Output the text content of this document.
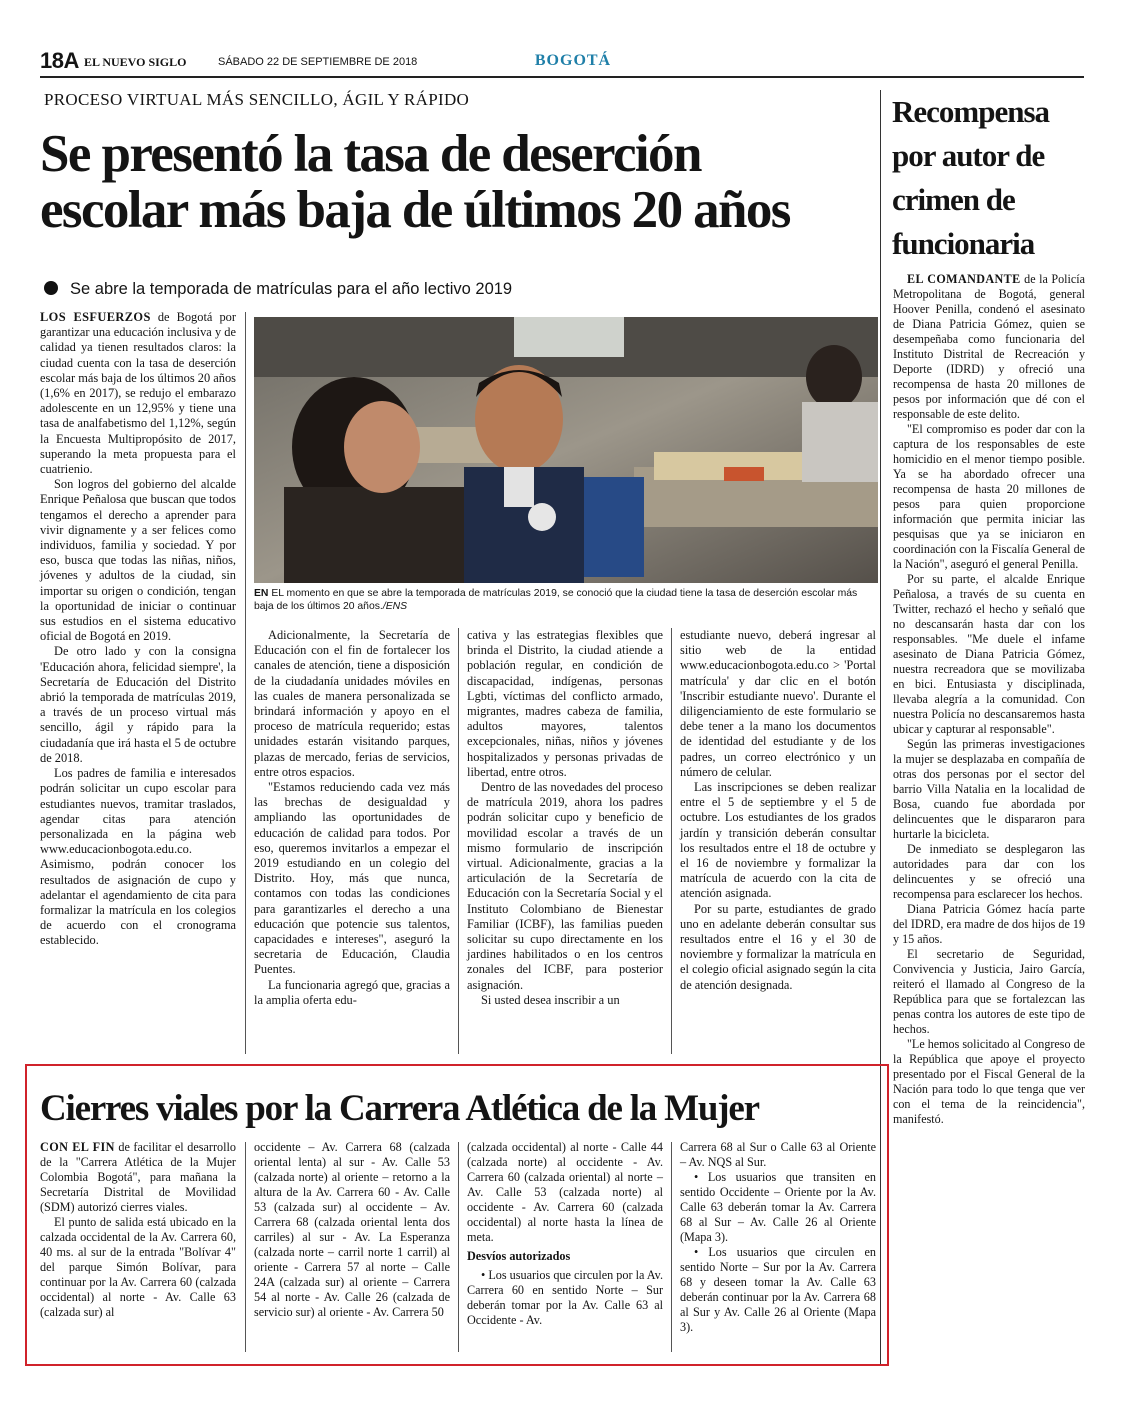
18A EL NUEVO SIGLO	SÁBADO 22 DE SEPTIEMBRE DE 2018	BOGOTÁ
PROCESO VIRTUAL MÁS SENCILLO, ÁGIL Y RÁPIDO
Se presentó la tasa de deserción
escolar más baja de últimos 20 años
Se abre la temporada de matrículas para el año lectivo 2019

LOS ESFUERZOS de Bogotá por garantizar una educación inclusiva y de calidad ya tienen resultados claros: la ciudad cuenta con la tasa de deserción escolar más baja de los últimos 20 años (1,6% en 2017), se redujo el embarazo adolescente en un 12,95% y tiene una tasa de analfabetismo del 1,12%, según la Encuesta Multipropósito de 2017, superando la meta propuesta para el cuatrienio.

Son logros del gobierno del alcalde Enrique Peñalosa que buscan que todos tengamos el derecho a aprender para vivir dignamente y a ser felices como individuos, familia y sociedad. Y por eso, busca que todas las niñas, niños, jóvenes y adultos de la ciudad, sin importar su origen o condición, tengan la oportunidad de iniciar o continuar sus estudios en el sistema educativo oficial de Bogotá en 2019.

De otro lado y con la consigna 'Educación ahora, felicidad siempre', la Secretaría de Educación del Distrito abrió la temporada de matrículas 2019, a través de un proceso virtual más sencillo, ágil y rápido para la ciudadanía que irá hasta el 5 de octubre de 2018.

Los padres de familia e interesados podrán solicitar un cupo escolar para estudiantes nuevos, tramitar traslados, agendar citas para atención personalizada en la página web www.educacionbogota.edu.co. Asimismo, podrán conocer los resultados de asignación de cupo y adelantar el agendamiento de cita para formalizar la matrícula en los colegios de acuerdo con el cronograma establecido.

EN EL momento en que se abre la temporada de matrículas 2019, se conoció que la ciudad tiene la tasa de deserción escolar más baja de los últimos 20 años./ENS

Adicionalmente, la Secretaría de Educación con el fin de fortalecer los canales de atención, tiene a disposición de la ciudadanía unidades móviles en las cuales de manera personalizada se brindará información y apoyo en el proceso de matrícula requerido; estas unidades estarán visitando parques, plazas de mercado, ferias de servicios, entre otros espacios.

"Estamos reduciendo cada vez más las brechas de desigualdad y ampliando las oportunidades de educación de calidad para todos. Por eso, queremos invitarlos a empezar el 2019 estudiando en un colegio del Distrito. Hoy, más que nunca, contamos con todas las condiciones para garantizarles el derecho a una educación que potencie sus talentos, capacidades e intereses", aseguró la secretaria de Educación, Claudia Puentes.

La funcionaria agregó que, gracias a la amplia oferta edu-

cativa y las estrategias flexibles que brinda el Distrito, la ciudad atiende a población regular, en condición de discapacidad, indígenas, personas Lgbti, víctimas del conflicto armado, migrantes, madres cabeza de familia, adultos mayores, talentos excepcionales, niñas, niños y jóvenes hospitalizados y personas privadas de libertad, entre otros.

Dentro de las novedades del proceso de matrícula 2019, ahora los padres podrán solicitar cupo y beneficio de movilidad escolar a través de un mismo formulario de inscripción virtual. Adicionalmente, gracias a la articulación de la Secretaría de Educación con la Secretaría Social y el Instituto Colombiano de Bienestar Familiar (ICBF), las familias pueden solicitar su cupo directamente en los jardines habilitados o en los centros zonales del ICBF, para posterior asignación.

Si usted desea inscribir a un

estudiante nuevo, deberá ingresar al sitio web de la entidad www.educacionbogota.edu.co > 'Portal matrícula' y dar clic en el botón 'Inscribir estudiante nuevo'. Durante el diligenciamiento de este formulario se debe tener a la mano los documentos de identidad del estudiante y de los padres, un correo electrónico y un número de celular.

Las inscripciones se deben realizar entre el 5 de septiembre y el 5 de octubre. Los estudiantes de los grados jardín y transición deberán consultar los resultados entre el 18 de octubre y el 16 de noviembre y formalizar la matrícula de acuerdo con la cita de atención asignada.

Por su parte, estudiantes de grado uno en adelante deberán consultar sus resultados entre el 16 y el 30 de noviembre y formalizar la matrícula en el colegio oficial asignado según la cita de atención designada.

Recompensa
por autor de
crimen de
funcionaria

EL COMANDANTE de la Policía Metropolitana de Bogotá, general Hoover Penilla, condenó el asesinato de Diana Patricia Gómez, quien se desempeñaba como funcionaria del Instituto Distrital de Recreación y Deporte (IDRD) y ofreció una recompensa de hasta 20 millones de pesos por información que dé con el responsable de este delito.

"El compromiso es poder dar con la captura de los responsables de este homicidio en el menor tiempo posible. Ya se ha abordado ofrecer una recompensa de hasta 20 millones de pesos para quien proporcione información que permita iniciar las pesquisas que ya se iniciaron en coordinación con la Fiscalía General de la Nación", aseguró el general Penilla.

Por su parte, el alcalde Enrique Peñalosa, a través de su cuenta en Twitter, rechazó el hecho y señaló que no descansarán hasta dar con los responsables. "Me duele el infame asesinato de Diana Patricia Gómez, nuestra recreadora que se movilizaba en bici. Entusiasta y disciplinada, llevaba alegría a la comunidad. Con nuestra Policía no descansaremos hasta ubicar y capturar al responsable".

Según las primeras investigaciones la mujer se desplazaba en compañía de otras dos personas por el sector del barrio Villa Natalia en la localidad de Bosa, cuando fue abordada por delincuentes que le dispararon para hurtarle la bicicleta.

De inmediato se desplegaron las autoridades para dar con los delincuentes y se ofreció una recompensa para esclarecer los hechos.

Diana Patricia Gómez hacía parte del IDRD, era madre de dos hijos de 19 y 15 años.

El secretario de Seguridad, Convivencia y Justicia, Jairo García, reiteró el llamado al Congreso de la República para que se fortalezcan las penas contra los autores de este tipo de hechos.

"Le hemos solicitado al Congreso de la República que apoye el proyecto presentado por el Fiscal General de la Nación para todo lo que tenga que ver con el tema de la reincidencia", manifestó.

Cierres viales por la Carrera Atlética de la Mujer

CON EL FIN de facilitar el desarrollo de la "Carrera Atlética de la Mujer Colombia Bogotá", para mañana la Secretaría Distrital de Movilidad (SDM) autorizó cierres viales.

El punto de salida está ubicado en la calzada occidental de la Av. Carrera 60, 40 ms. al sur de la entrada "Bolívar 4" del parque Simón Bolívar, para continuar por la Av. Carrera 60 (calzada occidental) al norte - Av. Calle 63 (calzada sur) al

occidente – Av. Carrera 68 (calzada oriental lenta) al sur - Av. Calle 53 (calzada norte) al oriente – retorno a la altura de la Av. Carrera 60 - Av. Calle 53 (calzada sur) al occidente – Av. Carrera 68 (calzada oriental lenta dos carriles) al sur - Av. La Esperanza (calzada norte – carril norte 1 carril) al oriente - Carrera 57 al norte – Calle 24A (calzada sur) al oriente – Carrera 54 al norte - Av. Calle 26 (calzada de servicio sur) al oriente - Av. Carrera 50

(calzada occidental) al norte - Calle 44 (calzada norte) al occidente - Av. Carrera 60 (calzada oriental) al norte – Av. Calle 53 (calzada norte) al occidente - Av. Carrera 60 (calzada occidental) al norte hasta la línea de meta.

Desvíos autorizados

• Los usuarios que circulen por la Av. Carrera 60 en sentido Norte – Sur deberán tomar por la Av. Calle 63 al Occidente - Av.

Carrera 68 al Sur o Calle 63 al Oriente – Av. NQS al Sur.

• Los usuarios que transiten en sentido Occidente – Oriente por la Av. Calle 63 deberán tomar la Av. Carrera 68 al Sur – Av. Calle 26 al Oriente (Mapa 3).

• Los usuarios que circulen en sentido Norte – Sur por la Av. Carrera 68 y deseen tomar la Av. Calle 63 deberán continuar por la Av. Carrera 68 al Sur y Av. Calle 26 al Oriente (Mapa 3).
